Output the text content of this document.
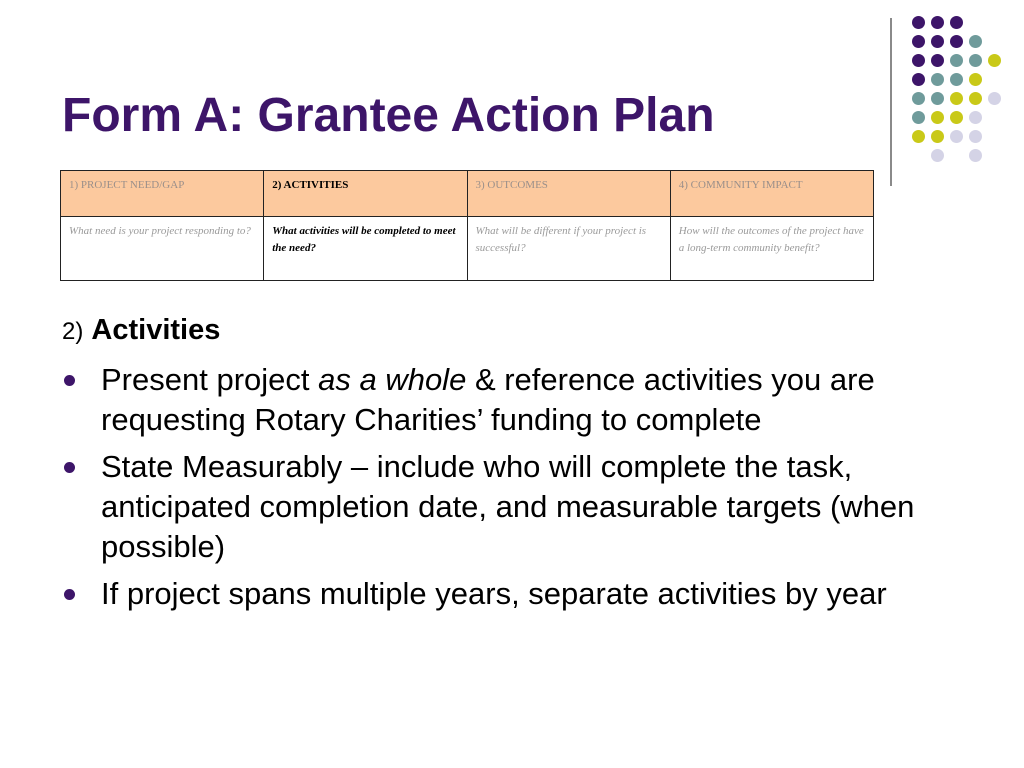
Form A: Grantee Action Plan
1) PROJECT NEED/GAP	2) ACTIVITIES	3) OUTCOMES	4) COMMUNITY IMPACT
What need is your project responding to?	What activities will be completed to meet the need?	What will be different if your project is successful?	How will the outcomes of the project have a long-term community benefit?

2) Activities

Present project as a whole & reference activities you are requesting Rotary Charities’ funding to complete
State Measurably – include who will complete the task, anticipated completion date, and measurable targets (when possible)
If project spans multiple years, separate activities by year
